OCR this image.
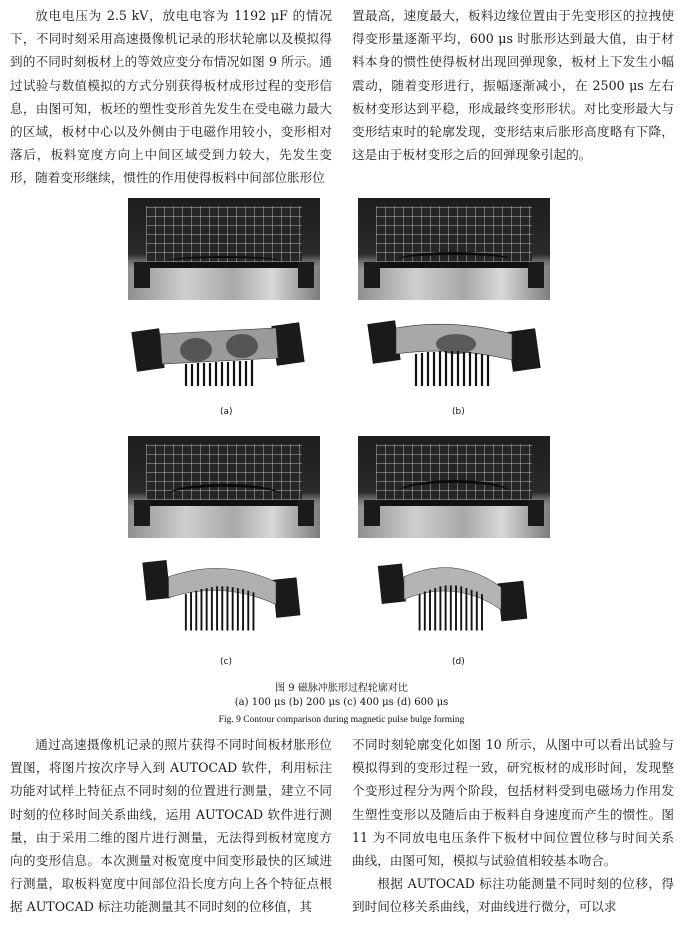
放电电压为 2.5 kV，放电电容为 1192 μF 的情况下，不同时刻采用高速摄像机记录的形状轮廓以及模拟得到的不同时刻板材上的等效应变分布情况如图 9 所示。通过试验与数值模拟的方式分别获得板材成形过程的变形信息，由图可知，板坯的塑性变形首先发生在受电磁力最大的区域，板材中心以及外侧由于电磁作用较小，变形相对落后，板料宽度方向上中间区域受到力较大，先发生变形，随着变形继续，惯性的作用使得板料中间部位胀形位

置最高，速度最大，板料边缘位置由于先变形区的拉拽使得变形量逐渐平均，600 μs 时胀形达到最大值，由于材料本身的惯性使得板材出现回弹现象，板材上下发生小幅震动，随着变形进行，振幅逐渐减小，在 2500 μs 左右板材变形达到平稳，形成最终变形形状。对比变形最大与变形结束时的轮廓发现，变形结束后胀形高度略有下降，这是由于板材变形之后的回弹现象引起的。

(a)	(b)
(c)	(d)
图 9 磁脉冲胀形过程轮廓对比
(a) 100 μs (b) 200 μs (c) 400 μs (d) 600 μs
Fig. 9 Contour comparison during magnetic pulse bulge forming

通过高速摄像机记录的照片获得不同时间板材胀形位置图，将图片按次序导入到 AUTOCAD 软件，利用标注功能对试样上特征点不同时刻的位置进行测量，建立不同时刻的位移时间关系曲线，运用 AUTOCAD 软件进行测量，由于采用二维的图片进行测量，无法得到板材宽度方向的变形信息。本次测量对板宽度中间变形最快的区域进行测量，取板料宽度中间部位沿长度方向上各个特征点根据 AUTOCAD 标注功能测量其不同时刻的位移值，其

不同时刻轮廓变化如图 10 所示，从图中可以看出试验与模拟得到的变形过程一致，研究板材的成形时间，发现整个变形过程分为两个阶段，包括材料受到电磁场力作用发生塑性变形以及随后由于板料自身速度而产生的惯性。图 11 为不同放电电压条件下板材中间位置位移与时间关系曲线，由图可知，模拟与试验值相较基本吻合。

根据 AUTOCAD 标注功能测量不同时刻的位移，得到时间位移关系曲线，对曲线进行微分，可以求
